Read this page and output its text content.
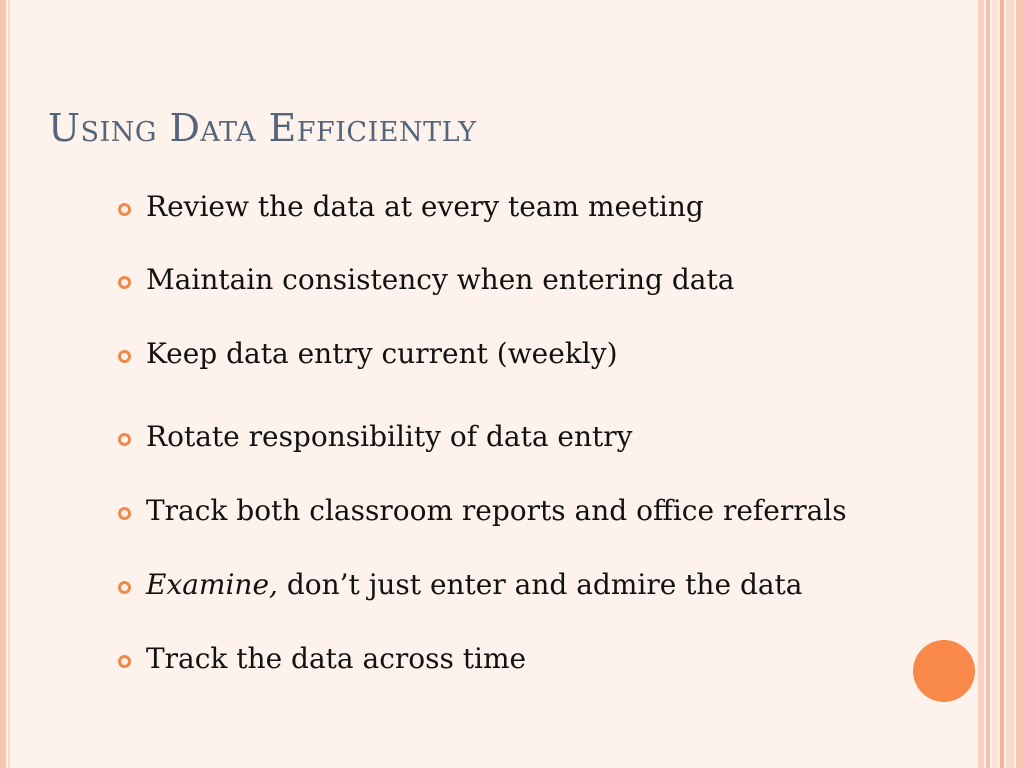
Using Data Efficiently
Review the data at every team meeting
Maintain consistency when entering data
Keep data entry current (weekly)
Rotate responsibility of data entry
Track both classroom reports and office referrals
Examine, don’t just enter and admire the data
Track the data across time
